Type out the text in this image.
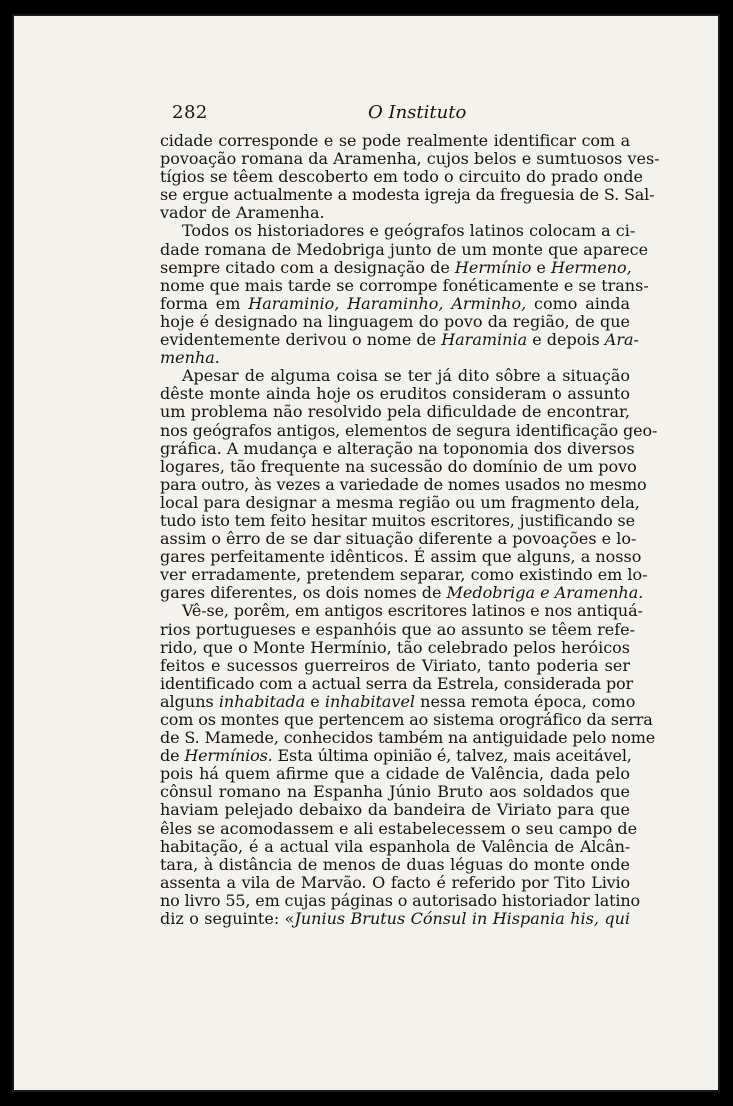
282	O Instituto
cidade corresponde e se pode realmente identificar com a
povoação romana da Aramenha, cujos belos e sumtuosos ves-
tígios se têem descoberto em todo o circuito do prado onde
se ergue actualmente a modesta igreja da freguesia de S. Sal-
vador de Aramenha.
Todos os historiadores e geógrafos latinos colocam a ci-
dade romana de Medobriga junto de um monte que aparece
sempre citado com a designação de Hermínio e Hermeno,
nome que mais tarde se corrompe fonéticamente e se trans-
forma em Haraminio, Haraminho, Arminho, como ainda
hoje é designado na linguagem do povo da região, de que
evidentemente derivou o nome de Haraminia e depois Ara-
menha.
Apesar de alguma coisa se ter já dito sôbre a situação
dêste monte ainda hoje os eruditos consideram o assunto
um problema não resolvido pela dificuldade de encontrar,
nos geógrafos antigos, elementos de segura identificação geo-
gráfica. A mudança e alteração na toponomia dos diversos
logares, tão frequente na sucessão do domínio de um povo
para outro, às vezes a variedade de nomes usados no mesmo
local para designar a mesma região ou um fragmento dela,
tudo isto tem feito hesitar muitos escritores, justificando se
assim o êrro de se dar situação diferente a povoações e lo-
gares perfeitamente idênticos. É assim que alguns, a nosso
ver erradamente, pretendem separar, como existindo em lo-
gares diferentes, os dois nomes de Medobriga e Aramenha.
Vê-se, porêm, em antigos escritores latinos e nos antiquá-
rios portugueses e espanhóis que ao assunto se têem refe-
rido, que o Monte Hermínio, tão celebrado pelos heróicos
feitos e sucessos guerreiros de Viriato, tanto poderia ser
identificado com a actual serra da Estrela, considerada por
alguns inhabitada e inhabitavel nessa remota época, como
com os montes que pertencem ao sistema orográfico da serra
de S. Mamede, conhecidos também na antiguidade pelo nome
de Hermínios. Esta última opinião é, talvez, mais aceitável,
pois há quem afirme que a cidade de Valência, dada pelo
cônsul romano na Espanha Júnio Bruto aos soldados que
haviam pelejado debaixo da bandeira de Viriato para que
êles se acomodassem e ali estabelecessem o seu campo de
habitação, é a actual vila espanhola de Valência de Alcân-
tara, à distância de menos de duas léguas do monte onde
assenta a vila de Marvão. O facto é referido por Tito Livio
no livro 55, em cujas páginas o autorisado historiador latino
diz o seguinte: «Junius Brutus Cónsul in Hispania his, qui
